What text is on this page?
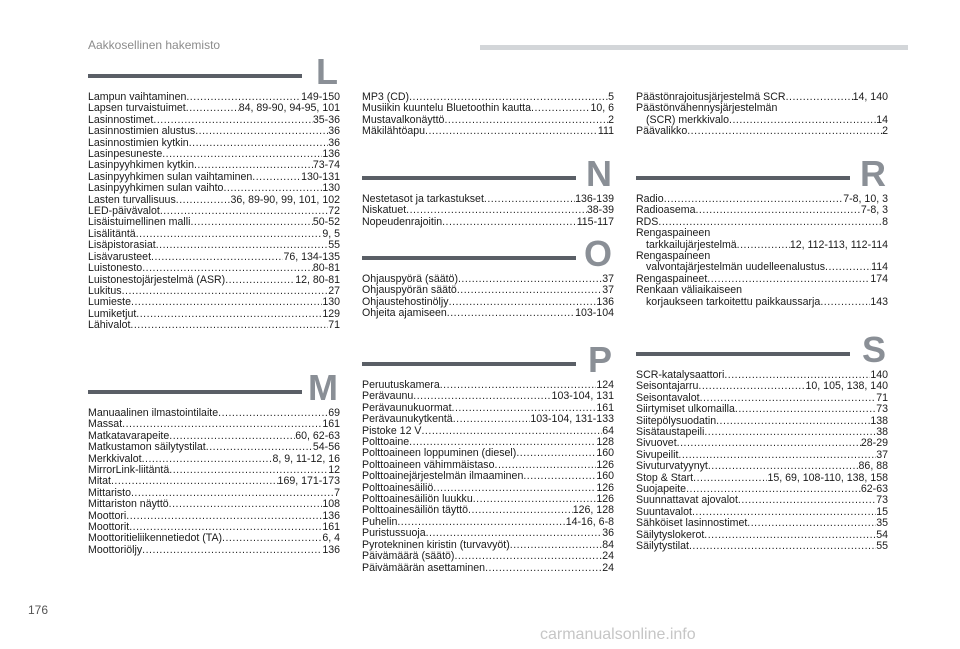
Aakkosellinen hakemisto
L
Lampun vaihtaminen .....	149-150
Lapsen turvaistuimet .....	84, 89-90, 94-95, 101
Lasinnostimet .....	35-36
Lasinnostimien alustus .....	36
Lasinnostimien kytkin .....	36
Lasinpesuneste .....	136
Lasinpyyhkimen kytkin .....	73-74
Lasinpyyhkimen sulan vaihtaminen .....	130-131
Lasinpyyhkimen sulan vaihto .....	130
Lasten turvallisuus .....	36, 89-90, 99, 101, 102
LED-päivävalot .....	72
Lisäistuimellinen malli .....	50-52
Lisälitäntä .....	9, 5
Lisäpistorasiat .....	55
Lisävarusteet .....	76, 134-135
Luistonesto .....	80-81
Luistonestojärjestelmä (ASR) .....	12, 80-81
Lukitus .....	27
Lumieste .....	130
Lumiketjut .....	129
Lähivalot .....	71
M
Manuaalinen ilmastointilaite .....	69
Massat .....	161
Matkatavarapeite .....	60, 62-63
Matkustamon säilytystilat .....	54-56
Merkkivalot .....	8, 9, 11-12, 16
MirrorLink-liitäntä .....	12
Mitat .....	169, 171-173
Mittaristo .....	7
Mittariston näyttö .....	108
Moottori .....	136
Moottorit .....	161
Moottoritieliikennetiedot (TA) .....	6, 4
Moottoriöljy .....	136
MP3 (CD) .....	5
Musiikin kuuntelu Bluetoothin kautta .....	10, 6
Mustavalkonäyttö .....	2
Mäkilähtöapu .....	111
N
Nestetasot ja tarkastukset .....	136-139
Niskatuet .....	38-39
Nopeudenrajoitin .....	115-117
O
Ohjauspyörä (säätö) .....	37
Ohjauspyörän säätö .....	37
Ohjaustehostinöljy .....	136
Ohjeita ajamiseen .....	103-104
P
Peruutuskamera .....	124
Perävaunu .....	103-104, 131
Perävaunukuormat .....	161
Perävaunukytkentä .....	103-104, 131-133
Pistoke 12 V .....	64
Polttoaine .....	128
Polttoaineen loppuminen (diesel) .....	160
Polttoaineen vähimmäistaso .....	126
Polttoainejärjestelmän ilmaaminen .....	160
Polttoainesäiliö .....	126
Polttoainesäiliön luukku .....	126
Polttoainesäiliön täyttö .....	126, 128
Puhelin .....	14-16, 6-8
Puristussuoja .....	36
Pyrotekninen kiristin (turvavyöt) .....	84
Päivämäärä (säätö) .....	24
Päivämäärän asettaminen .....	24
Päästönrajoitusjärjestelmä SCR .....	14, 140
Päästönvähennysjärjestelmän
(SCR) merkkivalo .....	14
Päävalikko .....	2
R
Radio .....	7-8, 10, 3
Radioasema .....	7-8, 3
RDS .....	8
Rengaspaineen
tarkkailujärjestelmä .....	12, 112-113, 112-114
Rengaspaineen
valvontajärjestelmän uudelleenalustus .....	114
Rengaspaineet .....	174
Renkaan väliaikaiseen
korjaukseen tarkoitettu paikkaussarja .....	143
S
SCR-katalysaattori .....	140
Seisontajarru .....	10, 105, 138, 140
Seisontavalot .....	71
Siirtymiset ulkomailla .....	73
Siitepölysuodatin .....	138
Sisätaustapeili .....	38
Sivuovet .....	28-29
Sivupeilit .....	37
Sivuturvatyynyt .....	86, 88
Stop & Start .....	15, 69, 108-110, 138, 158
Suojapeite .....	62-63
Suunnattavat ajovalot .....	73
Suuntavalot .....	15
Sähköiset lasinnostimet .....	35
Säilytyslokerot .....	54
Säilytystilat .....	55
176
carmanualsonline.info
